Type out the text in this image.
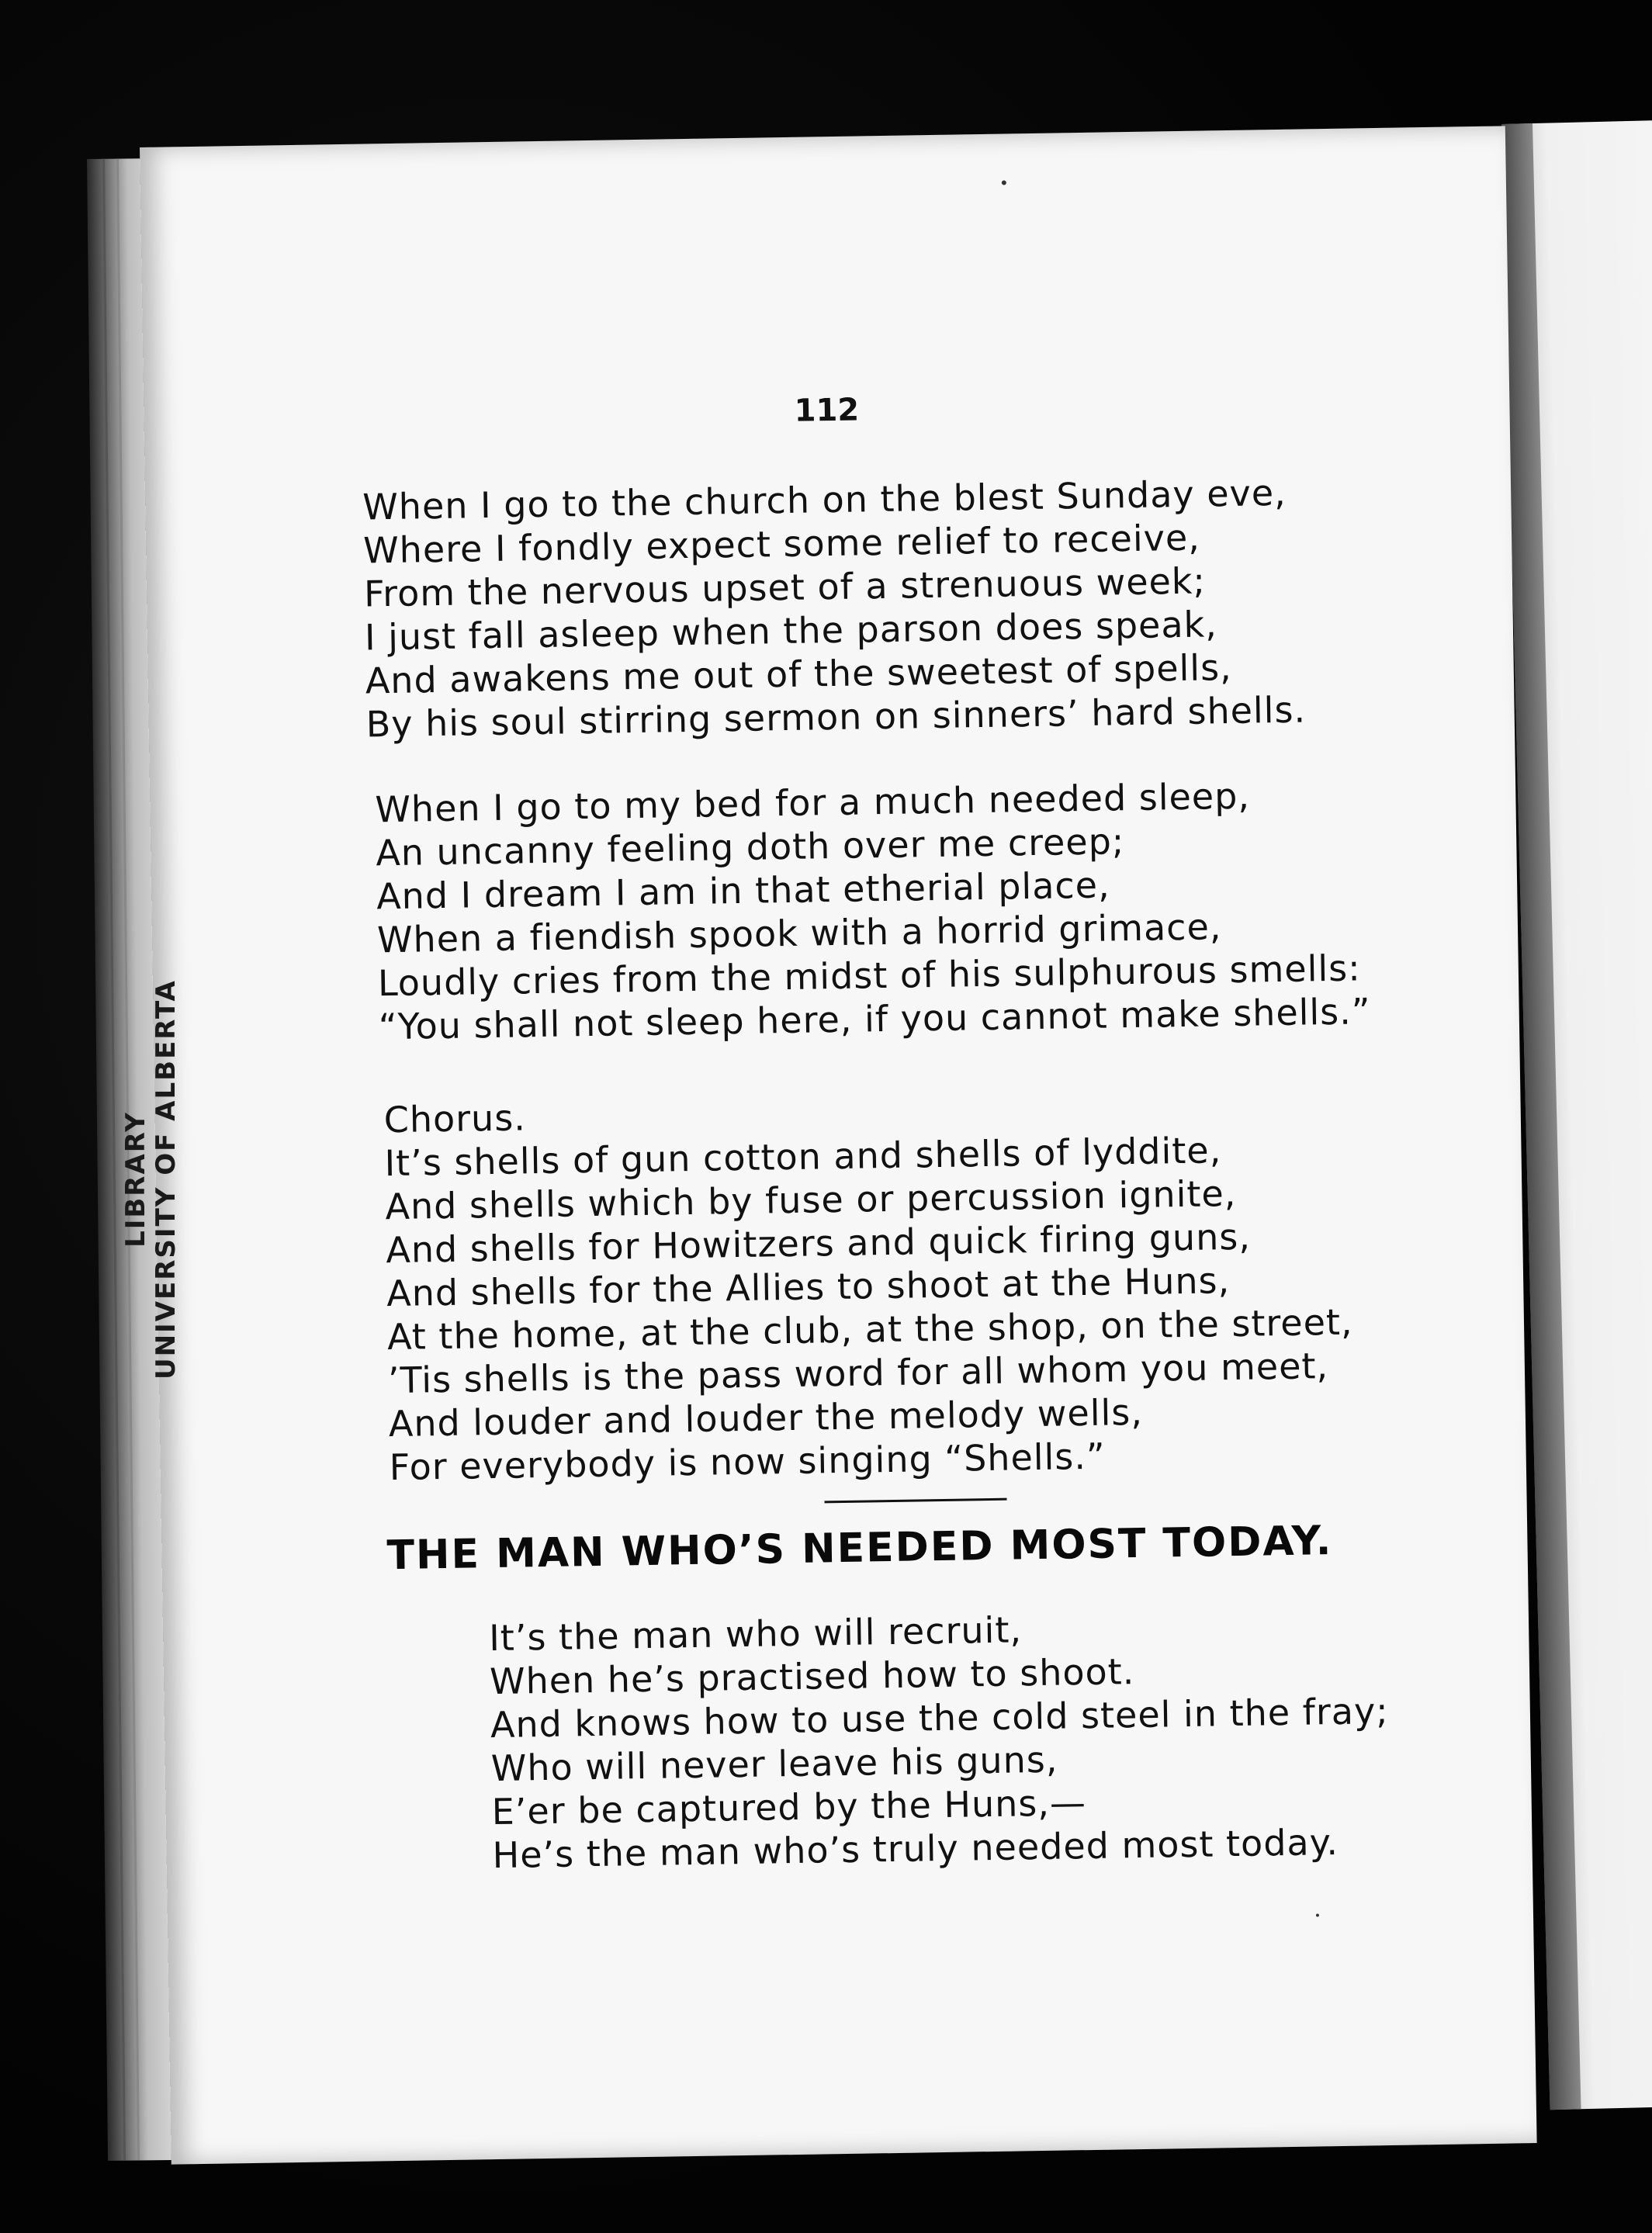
112
When I go to the church on the blest Sunday eve,
Where I fondly expect some relief to receive,
From the nervous upset of a strenuous week;
I just fall asleep when the parson does speak,
And awakens me out of the sweetest of spells,
By his soul stirring sermon on sinners’ hard shells.
When I go to my bed for a much needed sleep,
An uncanny feeling doth over me creep;
And I dream I am in that etherial place,
When a fiendish spook with a horrid grimace,
Loudly cries from the midst of his sulphurous smells:
“You shall not sleep here, if you cannot make shells.”
Chorus.
It’s shells of gun cotton and shells of lyddite,
And shells which by fuse or percussion ignite,
And shells for Howitzers and quick firing guns,
And shells for the Allies to shoot at the Huns,
At the home, at the club, at the shop, on the street,
’Tis shells is the pass word for all whom you meet,
And louder and louder the melody wells,
For everybody is now singing “Shells.”
THE MAN WHO’S NEEDED MOST TODAY.
It’s the man who will recruit,
When he’s practised how to shoot.
And knows how to use the cold steel in the fray;
Who will never leave his guns,
E’er be captured by the Huns,—
He’s the man who’s truly needed most today.
LIBRARY UNIVERSITY OF ALBERTA
